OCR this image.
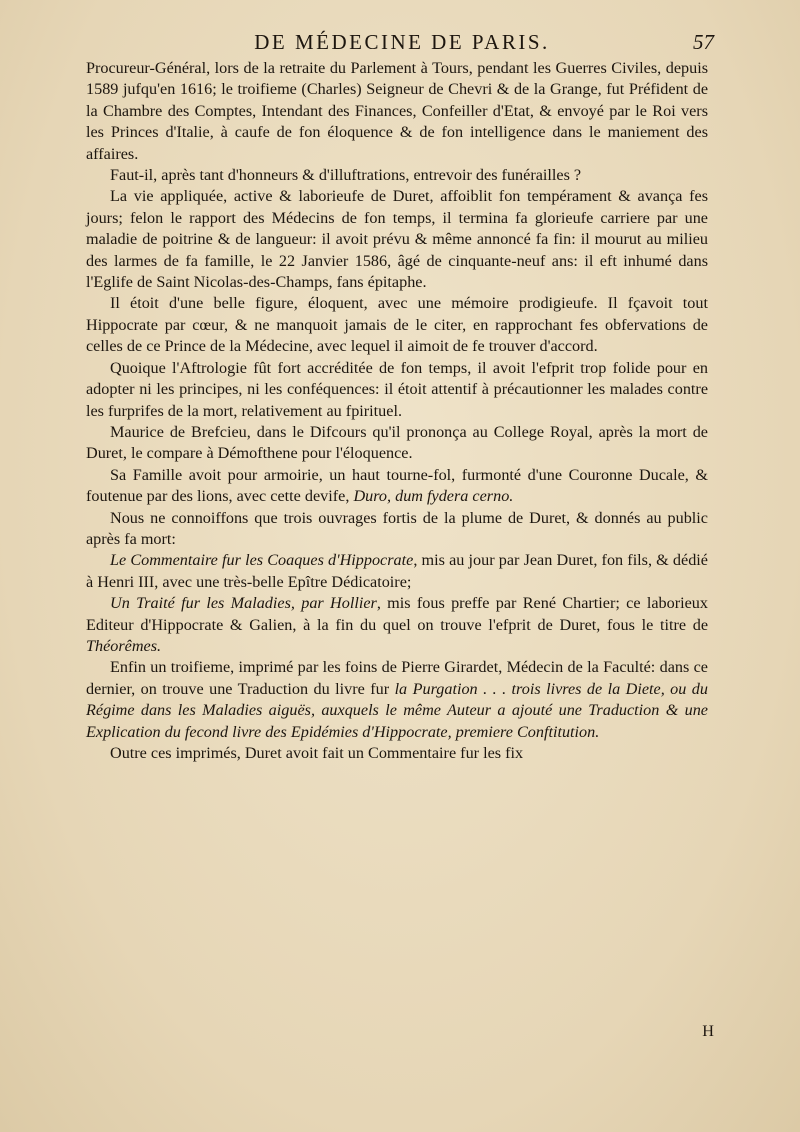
DE MÉDECINE DE PARIS.	57

Procureur-Général, lors de la retraite du Parlement à Tours, pendant les Guerres Civiles, depuis 1589 jufqu'en 1616; le troifieme (Charles) Seigneur de Chevri & de la Grange, fut Préfident de la Chambre des Comptes, Intendant des Finances, Confeiller d'Etat, & envoyé par le Roi vers les Princes d'Italie, à caufe de fon éloquence & de fon intelligence dans le maniement des affaires.

Faut-il, après tant d'honneurs & d'illuftrations, entrevoir des funérailles ?

La vie appliquée, active & laborieufe de Duret, affoiblit fon tempérament & avança fes jours; felon le rapport des Médecins de fon temps, il termina fa glorieufe carriere par une maladie de poitrine & de langueur: il avoit prévu & même annoncé fa fin: il mourut au milieu des larmes de fa famille, le 22 Janvier 1586, âgé de cinquante-neuf ans: il eft inhumé dans l'Eglife de Saint Nicolas-des-Champs, fans épitaphe.

Il étoit d'une belle figure, éloquent, avec une mémoire prodigieufe. Il fçavoit tout Hippocrate par cœur, & ne manquoit jamais de le citer, en rapprochant fes obfervations de celles de ce Prince de la Médecine, avec lequel il aimoit de fe trouver d'accord.

Quoique l'Aftrologie fût fort accréditée de fon temps, il avoit l'efprit trop folide pour en adopter ni les principes, ni les conféquences: il étoit attentif à précautionner les malades contre les furprifes de la mort, relativement au fpirituel.

Maurice de Brefcieu, dans le Difcours qu'il prononça au College Royal, après la mort de Duret, le compare à Démofthene pour l'éloquence.

Sa Famille avoit pour armoirie, un haut tourne-fol, furmonté d'une Couronne Ducale, & foutenue par des lions, avec cette devife, Duro, dum fydera cerno.

Nous ne connoiffons que trois ouvrages fortis de la plume de Duret, & donnés au public après fa mort:

Le Commentaire fur les Coaques d'Hippocrate, mis au jour par Jean Duret, fon fils, & dédié à Henri III, avec une très-belle Epître Dédicatoire;

Un Traité fur les Maladies, par Hollier, mis fous preffe par René Chartier; ce laborieux Editeur d'Hippocrate & Galien, à la fin du quel on trouve l'efprit de Duret, fous le titre de Théorêmes.

Enfin un troifieme, imprimé par les foins de Pierre Girardet, Médecin de la Faculté: dans ce dernier, on trouve une Traduction du livre fur la Purgation . . . trois livres de la Diete, ou du Régime dans les Maladies aiguës, auxquels le même Auteur a ajouté une Traduction & une Explication du fecond livre des Epidémies d'Hippocrate, premiere Conftitution.

Outre ces imprimés, Duret avoit fait un Commentaire fur les fix

H
